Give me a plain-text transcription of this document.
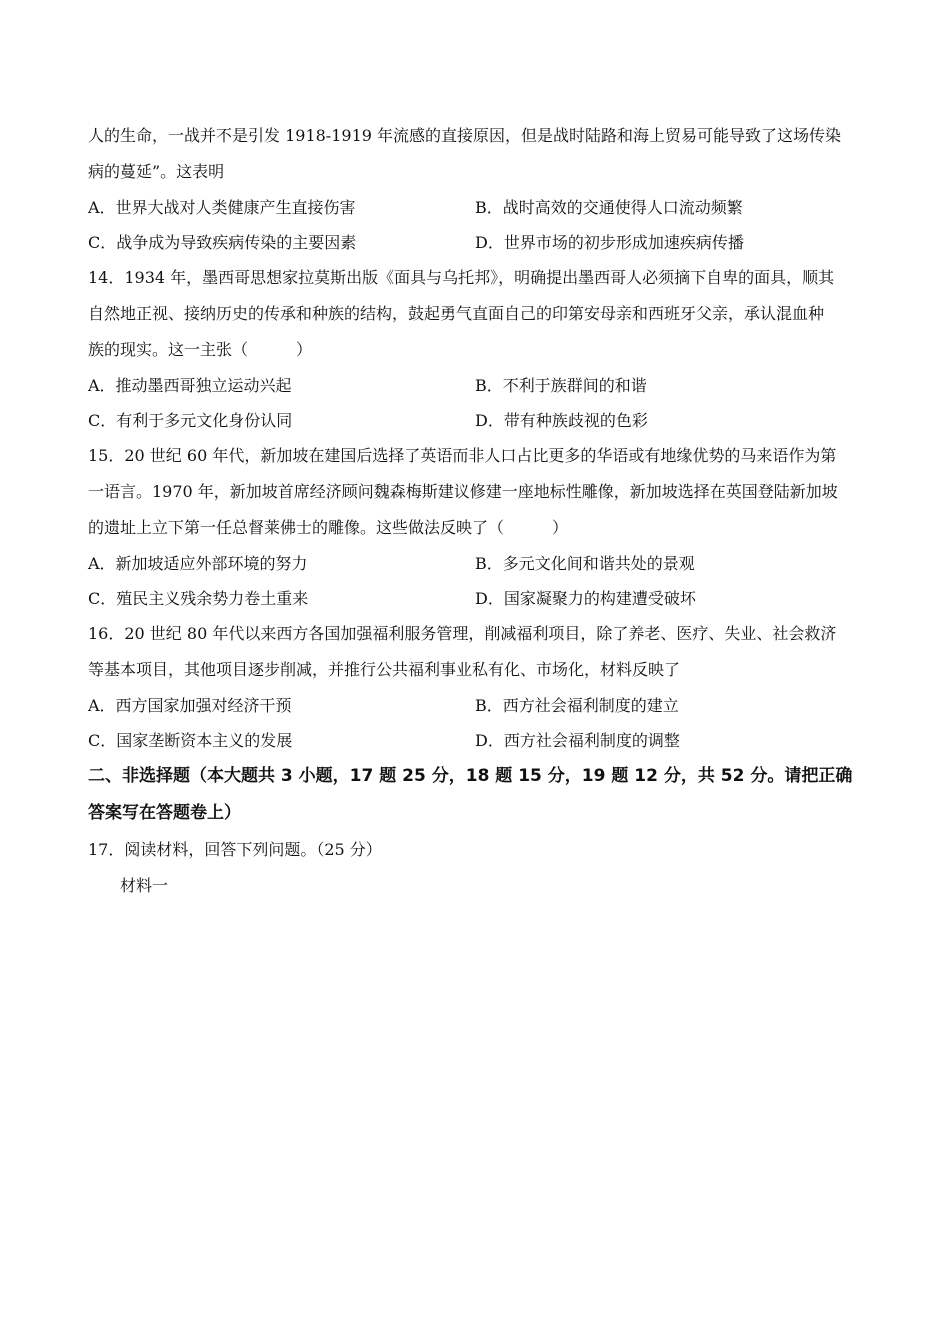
人的生命，一战并不是引发 1918-1919 年流感的直接原因，但是战时陆路和海上贸易可能导致了这场传染
病的蔓延”。这表明
A．世界大战对人类健康产生直接伤害	B．战时高效的交通使得人口流动频繁
C．战争成为导致疾病传染的主要因素	D．世界市场的初步形成加速疾病传播
14．1934 年，墨西哥思想家拉莫斯出版《面具与乌托邦》，明确提出墨西哥人必须摘下自卑的面具，顺其
自然地正视、接纳历史的传承和种族的结构，鼓起勇气直面自己的印第安母亲和西班牙父亲，承认混血种
族的现实。这一主张（　　　）
A．推动墨西哥独立运动兴起	B．不利于族群间的和谐
C．有利于多元文化身份认同	D．带有种族歧视的色彩
15．20 世纪 60 年代，新加坡在建国后选择了英语而非人口占比更多的华语或有地缘优势的马来语作为第
一语言。1970 年，新加坡首席经济顾问魏森梅斯建议修建一座地标性雕像，新加坡选择在英国登陆新加坡
的遗址上立下第一任总督莱佛士的雕像。这些做法反映了（　　　）
A．新加坡适应外部环境的努力	B．多元文化间和谐共处的景观
C．殖民主义残余势力卷土重来	D．国家凝聚力的构建遭受破坏
16．20 世纪 80 年代以来西方各国加强福利服务管理，削减福利项目，除了养老、医疗、失业、社会救济
等基本项目，其他项目逐步削减，并推行公共福利事业私有化、市场化，材料反映了
A．西方国家加强对经济干预	B．西方社会福利制度的建立
C．国家垄断资本主义的发展	D．西方社会福利制度的调整
二、非选择题（本大题共 3 小题，17 题 25 分，18 题 15 分，19 题 12 分，共 52 分。请把正确
答案写在答题卷上）
17．阅读材料，回答下列问题。（25 分）
材料一
